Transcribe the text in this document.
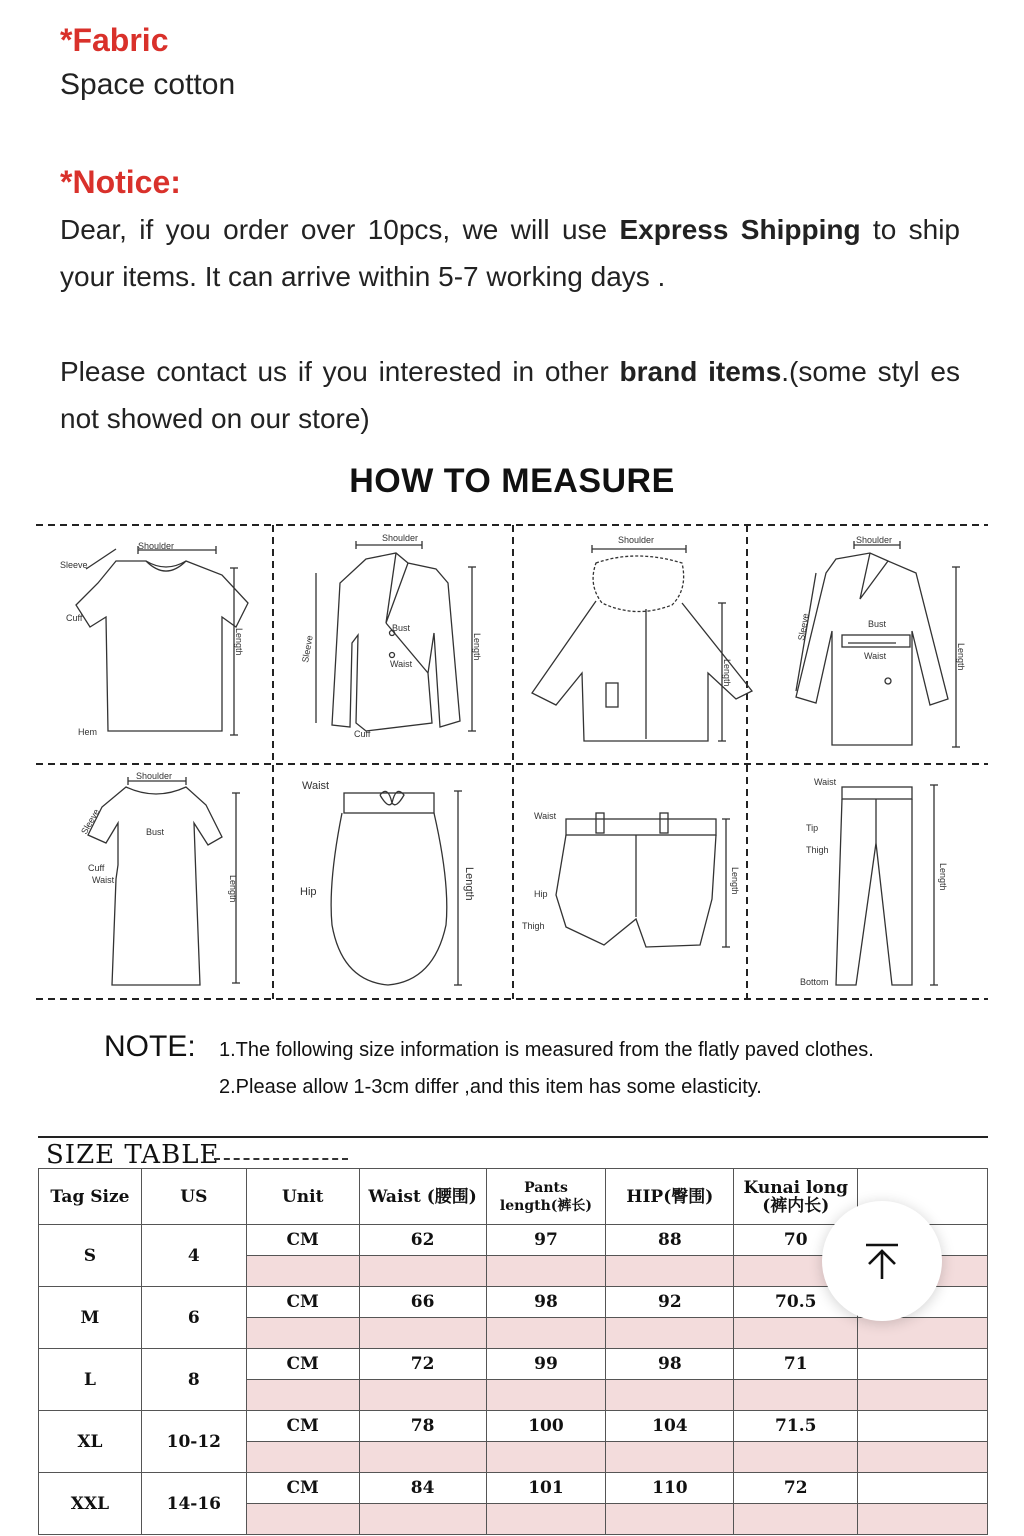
*Fabric
Space cotton
*Notice:
Dear, if you order over 10pcs, we will use Express Shipping to ship your items. It can arrive within 5-7 working days .
Please contact us if you interested in other brand items.(some styl es not showed on our store)
HOW TO MEASURE
Shoulder
Sleeve
Cuff
Hem
Length
Shoulder
Sleeve
Bust
Waist
Cuff
Length
Shoulder
Length
Shoulder
Sleeve	Bust
Waist	Length
Shoulder
Sleeve	Bust
Cuff
Waist	Length
Waist
Hip	Length
Waist
Hip
Thigh
Length
Waist
Tip
Thigh
Bottom
Length
NOTE: 1.The following size information is measured from the flatly paved clothes.
2.Please allow 1-3cm differ ,and this item has some elasticity.
SIZE TABLE
Tag Size	US	Unit	Waist (腰围)	Pants length(裤长)	HIP(臀围)	Kunai long (裤内长)	
S	4	CM	62	97	88	70	

M	6	CM	66	98	92	70.5	

L	8	CM	72	99	98	71	

XL	10-12	CM	78	100	104	71.5	

XXL	14-16	CM	84	101	110	72	
